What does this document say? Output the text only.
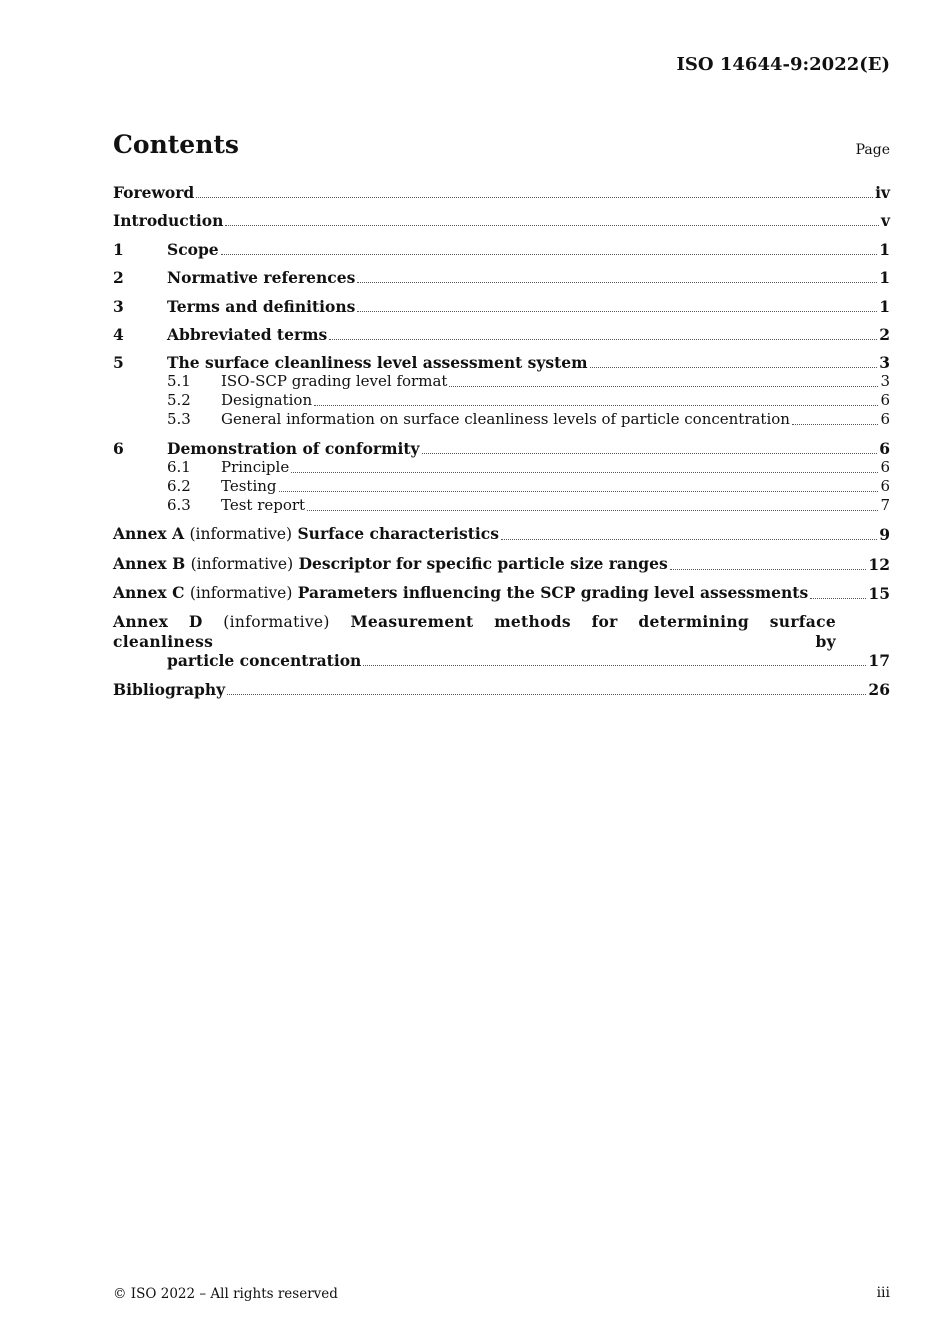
ISO 14644-9:2022(E)
Contents	Page
Foreword	iv
Introduction	v
1	Scope	1
2	Normative references	1
3	Terms and definitions	1
4	Abbreviated terms	2
5	The surface cleanliness level assessment system	3
5.1	ISO-SCP grading level format	3
5.2	Designation	6
5.3	General information on surface cleanliness levels of particle concentration	6
6	Demonstration of conformity	6
6.1	Principle	6
6.2	Testing	6
6.3	Test report	7
Annex A (informative) Surface characteristics	9
Annex B (informative) Descriptor for specific particle size ranges	12
Annex C (informative) Parameters influencing the SCP grading level assessments	15
Annex D (informative) Measurement methods for determining surface cleanliness by
particle concentration	17
Bibliography	26
© ISO 2022 – All rights reserved	iii
